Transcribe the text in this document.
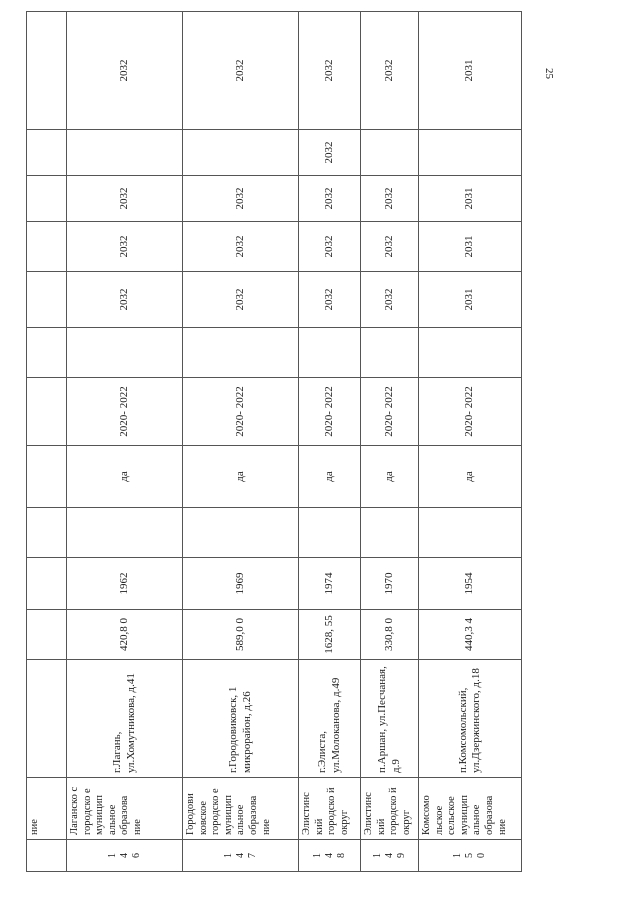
25
	ние												

1 4 6	Лаганско с городско е муницип альное образова ние	г.Лагань, ул.Хомутникова, д.41	420,8 0	1962		да	2020- 2022		2032	2032	2032		2032

1 4 7	Городови ковское городско е муницип альное образова ние	г.Городовиковск, 1 микрорайон, д.26	589,0 0	1969		да	2020- 2022		2032	2032	2032		2032

1 4 8	Элистинс кий городско й округ	г.Элиста, ул.Молоканова, д.49	1628, 55	1974		да	2020- 2022		2032	2032	2032	2032	2032

1 4 9	Элистинс кий городско й округ	п.Аршан, ул.Песчаная, д.9	330,8 0	1970		да	2020- 2022		2032	2032	2032		2032

1 5 0	Комсомо льское сельское муницип альное образова ние	п.Комсомольский, ул.Дзержинского, д.18	440,3 4	1954		да	2020- 2022		2031	2031	2031		2031
